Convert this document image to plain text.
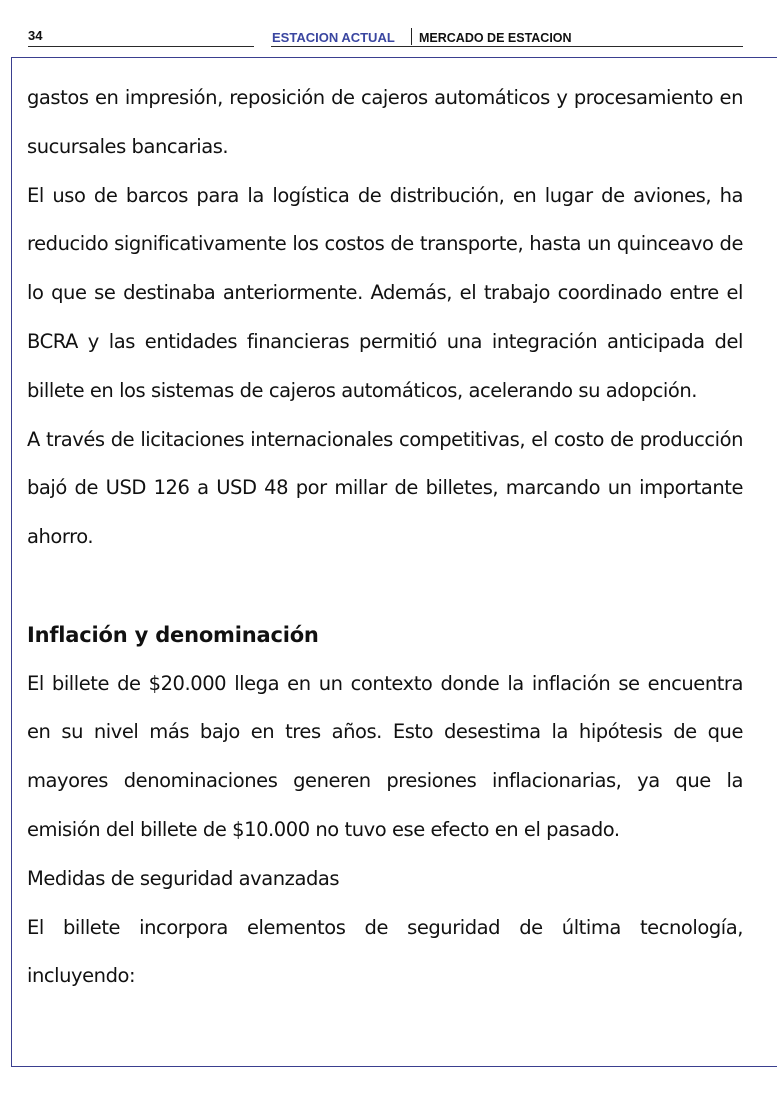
34	ESTACION ACTUAL MERCADO DE ESTACION

gastos en impresión, reposición de cajeros automáticos y procesamiento en sucursales bancarias.

El uso de barcos para la logística de distribución, en lugar de aviones, ha reducido significativamente los costos de transporte, hasta un quinceavo de lo que se destinaba anteriormente. Además, el trabajo coordinado entre el BCRA y las entidades financieras permitió una integración anticipada del billete en los sistemas de cajeros automáticos, acelerando su adopción.

A través de licitaciones internacionales competitivas, el costo de producción bajó de USD 126 a USD 48 por millar de billetes, marcando un importante ahorro.

Inflación y denominación

El billete de $20.000 llega en un contexto donde la inflación se encuentra en su nivel más bajo en tres años. Esto desestima la hipótesis de que mayores denominaciones generen presiones inflacionarias, ya que la emisión del billete de $10.000 no tuvo ese efecto en el pasado.

Medidas de seguridad avanzadas

El billete incorpora elementos de seguridad de última tecnología, incluyendo:
